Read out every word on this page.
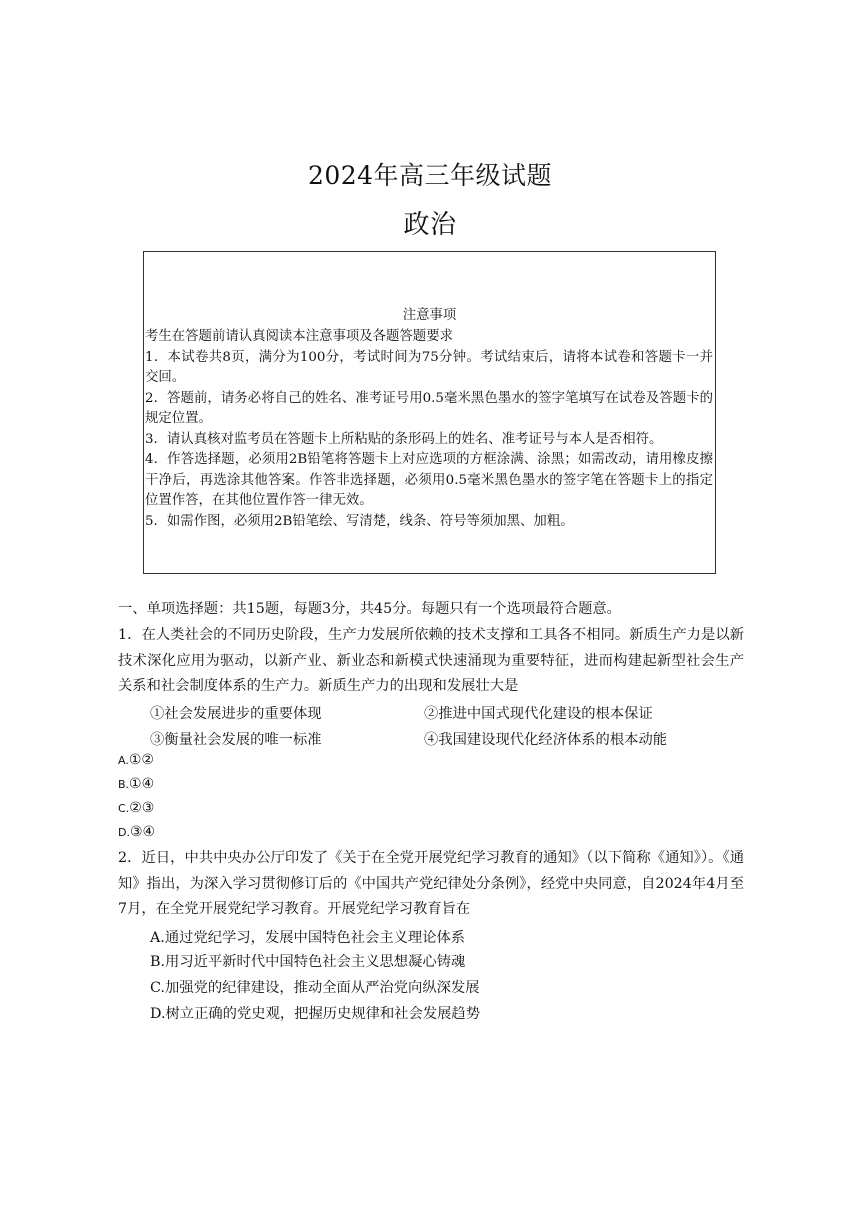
2024年高三年级试题
政治
注意事项

考生在答题前请认真阅读本注意事项及各题答题要求

1．本试卷共8页，满分为100分，考试时间为75分钟。考试结束后，请将本试卷和答题卡一并交回。

2．答题前，请务必将自己的姓名、准考证号用0.5毫米黑色墨水的签字笔填写在试卷及答题卡的规定位置。

3．请认真核对监考员在答题卡上所粘贴的条形码上的姓名、准考证号与本人是否相符。

4．作答选择题，必须用2B铅笔将答题卡上对应选项的方框涂满、涂黑；如需改动，请用橡皮擦干净后，再选涂其他答案。作答非选择题，必须用0.5毫米黑色墨水的签字笔在答题卡上的指定位置作答，在其他位置作答一律无效。

5．如需作图，必须用2B铅笔绘、写清楚，线条、符号等须加黑、加粗。

一、单项选择题：共15题，每题3分，共45分。每题只有一个选项最符合题意。
1．在人类社会的不同历史阶段，生产力发展所依赖的技术支撑和工具各不相同。新质生产力是以新技术深化应用为驱动，以新产业、新业态和新模式快速涌现为重要特征，进而构建起新型社会生产关系和社会制度体系的生产力。新质生产力的出现和发展壮大是
①社会发展进步的重要体现	②推进中国式现代化建设的根本保证
③衡量社会发展的唯一标准	④我国建设现代化经济体系的根本动能
A.①②
B.①④
C.②③
D.③④
2．近日，中共中央办公厅印发了《关于在全党开展党纪学习教育的通知》（以下简称《通知》）。《通知》指出，为深入学习贯彻修订后的《中国共产党纪律处分条例》，经党中央同意，自2024年4月至7月，在全党开展党纪学习教育。开展党纪学习教育旨在
A.通过党纪学习，发展中国特色社会主义理论体系
B.用习近平新时代中国特色社会主义思想凝心铸魂
C.加强党的纪律建设，推动全面从严治党向纵深发展
D.树立正确的党史观，把握历史规律和社会发展趋势
